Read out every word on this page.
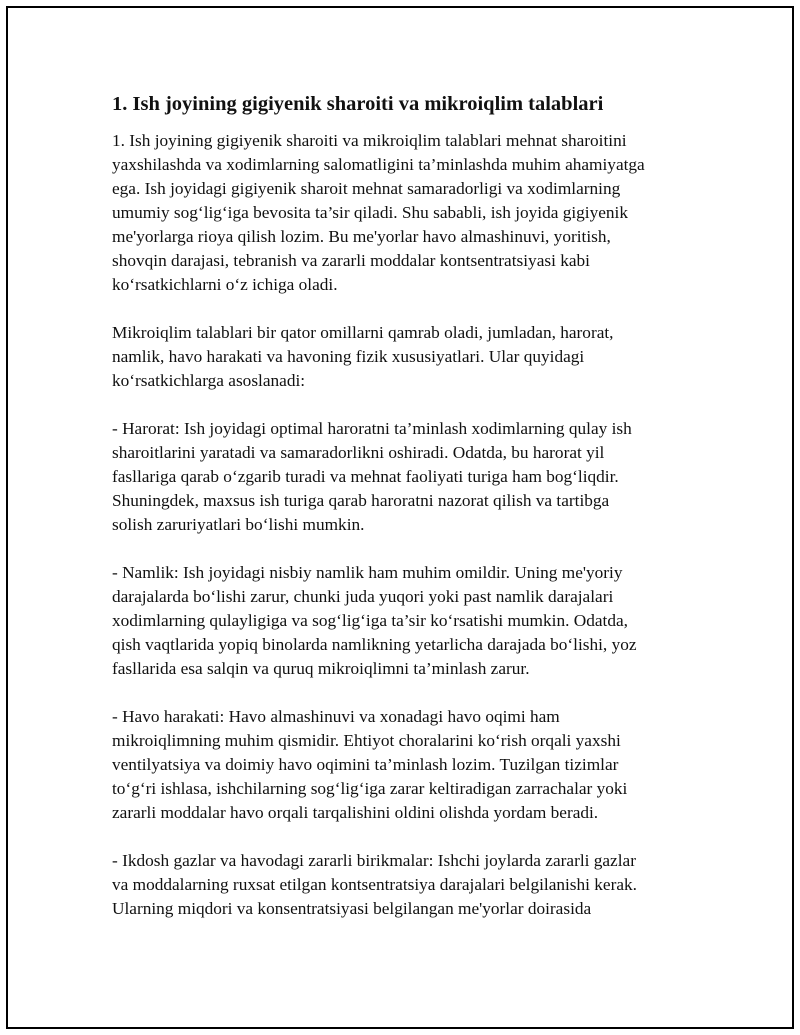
1. Ish joyining gigiyenik sharoiti va mikroiqlim talablari
1. Ish joyining gigiyenik sharoiti va mikroiqlim talablari mehnat sharoitini
yaxshilashda va xodimlarning salomatligini ta’minlashda muhim ahamiyatga
ega. Ish joyidagi gigiyenik sharoit mehnat samaradorligi va xodimlarning
umumiy sog‘lig‘iga bevosita ta’sir qiladi. Shu sababli, ish joyida gigiyenik
me'yorlarga rioya qilish lozim. Bu me'yorlar havo almashinuvi, yoritish,
shovqin darajasi, tebranish va zararli moddalar kontsentratsiyasi kabi
ko‘rsatkichlarni o‘z ichiga oladi.
Mikroiqlim talablari bir qator omillarni qamrab oladi, jumladan, harorat,
namlik, havo harakati va havoning fizik xususiyatlari. Ular quyidagi
ko‘rsatkichlarga asoslanadi:
- Harorat: Ish joyidagi optimal haroratni ta’minlash xodimlarning qulay ish
sharoitlarini yaratadi va samaradorlikni oshiradi. Odatda, bu harorat yil
fasllariga qarab o‘zgarib turadi va mehnat faoliyati turiga ham bog‘liqdir.
Shuningdek, maxsus ish turiga qarab haroratni nazorat qilish va tartibga
solish zaruriyatlari bo‘lishi mumkin.
- Namlik: Ish joyidagi nisbiy namlik ham muhim omildir. Uning me'yoriy
darajalarda bo‘lishi zarur, chunki juda yuqori yoki past namlik darajalari
xodimlarning qulayligiga va sog‘lig‘iga ta’sir ko‘rsatishi mumkin. Odatda,
qish vaqtlarida yopiq binolarda namlikning yetarlicha darajada bo‘lishi, yoz
fasllarida esa salqin va quruq mikroiqlimni ta’minlash zarur.
- Havo harakati: Havo almashinuvi va xonadagi havo oqimi ham
mikroiqlimning muhim qismidir. Ehtiyot choralarini ko‘rish orqali yaxshi
ventilyatsiya va doimiy havo oqimini ta’minlash lozim. Tuzilgan tizimlar
to‘g‘ri ishlasa, ishchilarning sog‘lig‘iga zarar keltiradigan zarrachalar yoki
zararli moddalar havo orqali tarqalishini oldini olishda yordam beradi.
- Ikdosh gazlar va havodagi zararli birikmalar: Ishchi joylarda zararli gazlar
va moddalarning ruxsat etilgan kontsentratsiya darajalari belgilanishi kerak.
Ularning miqdori va konsentratsiyasi belgilangan me'yorlar doirasida
